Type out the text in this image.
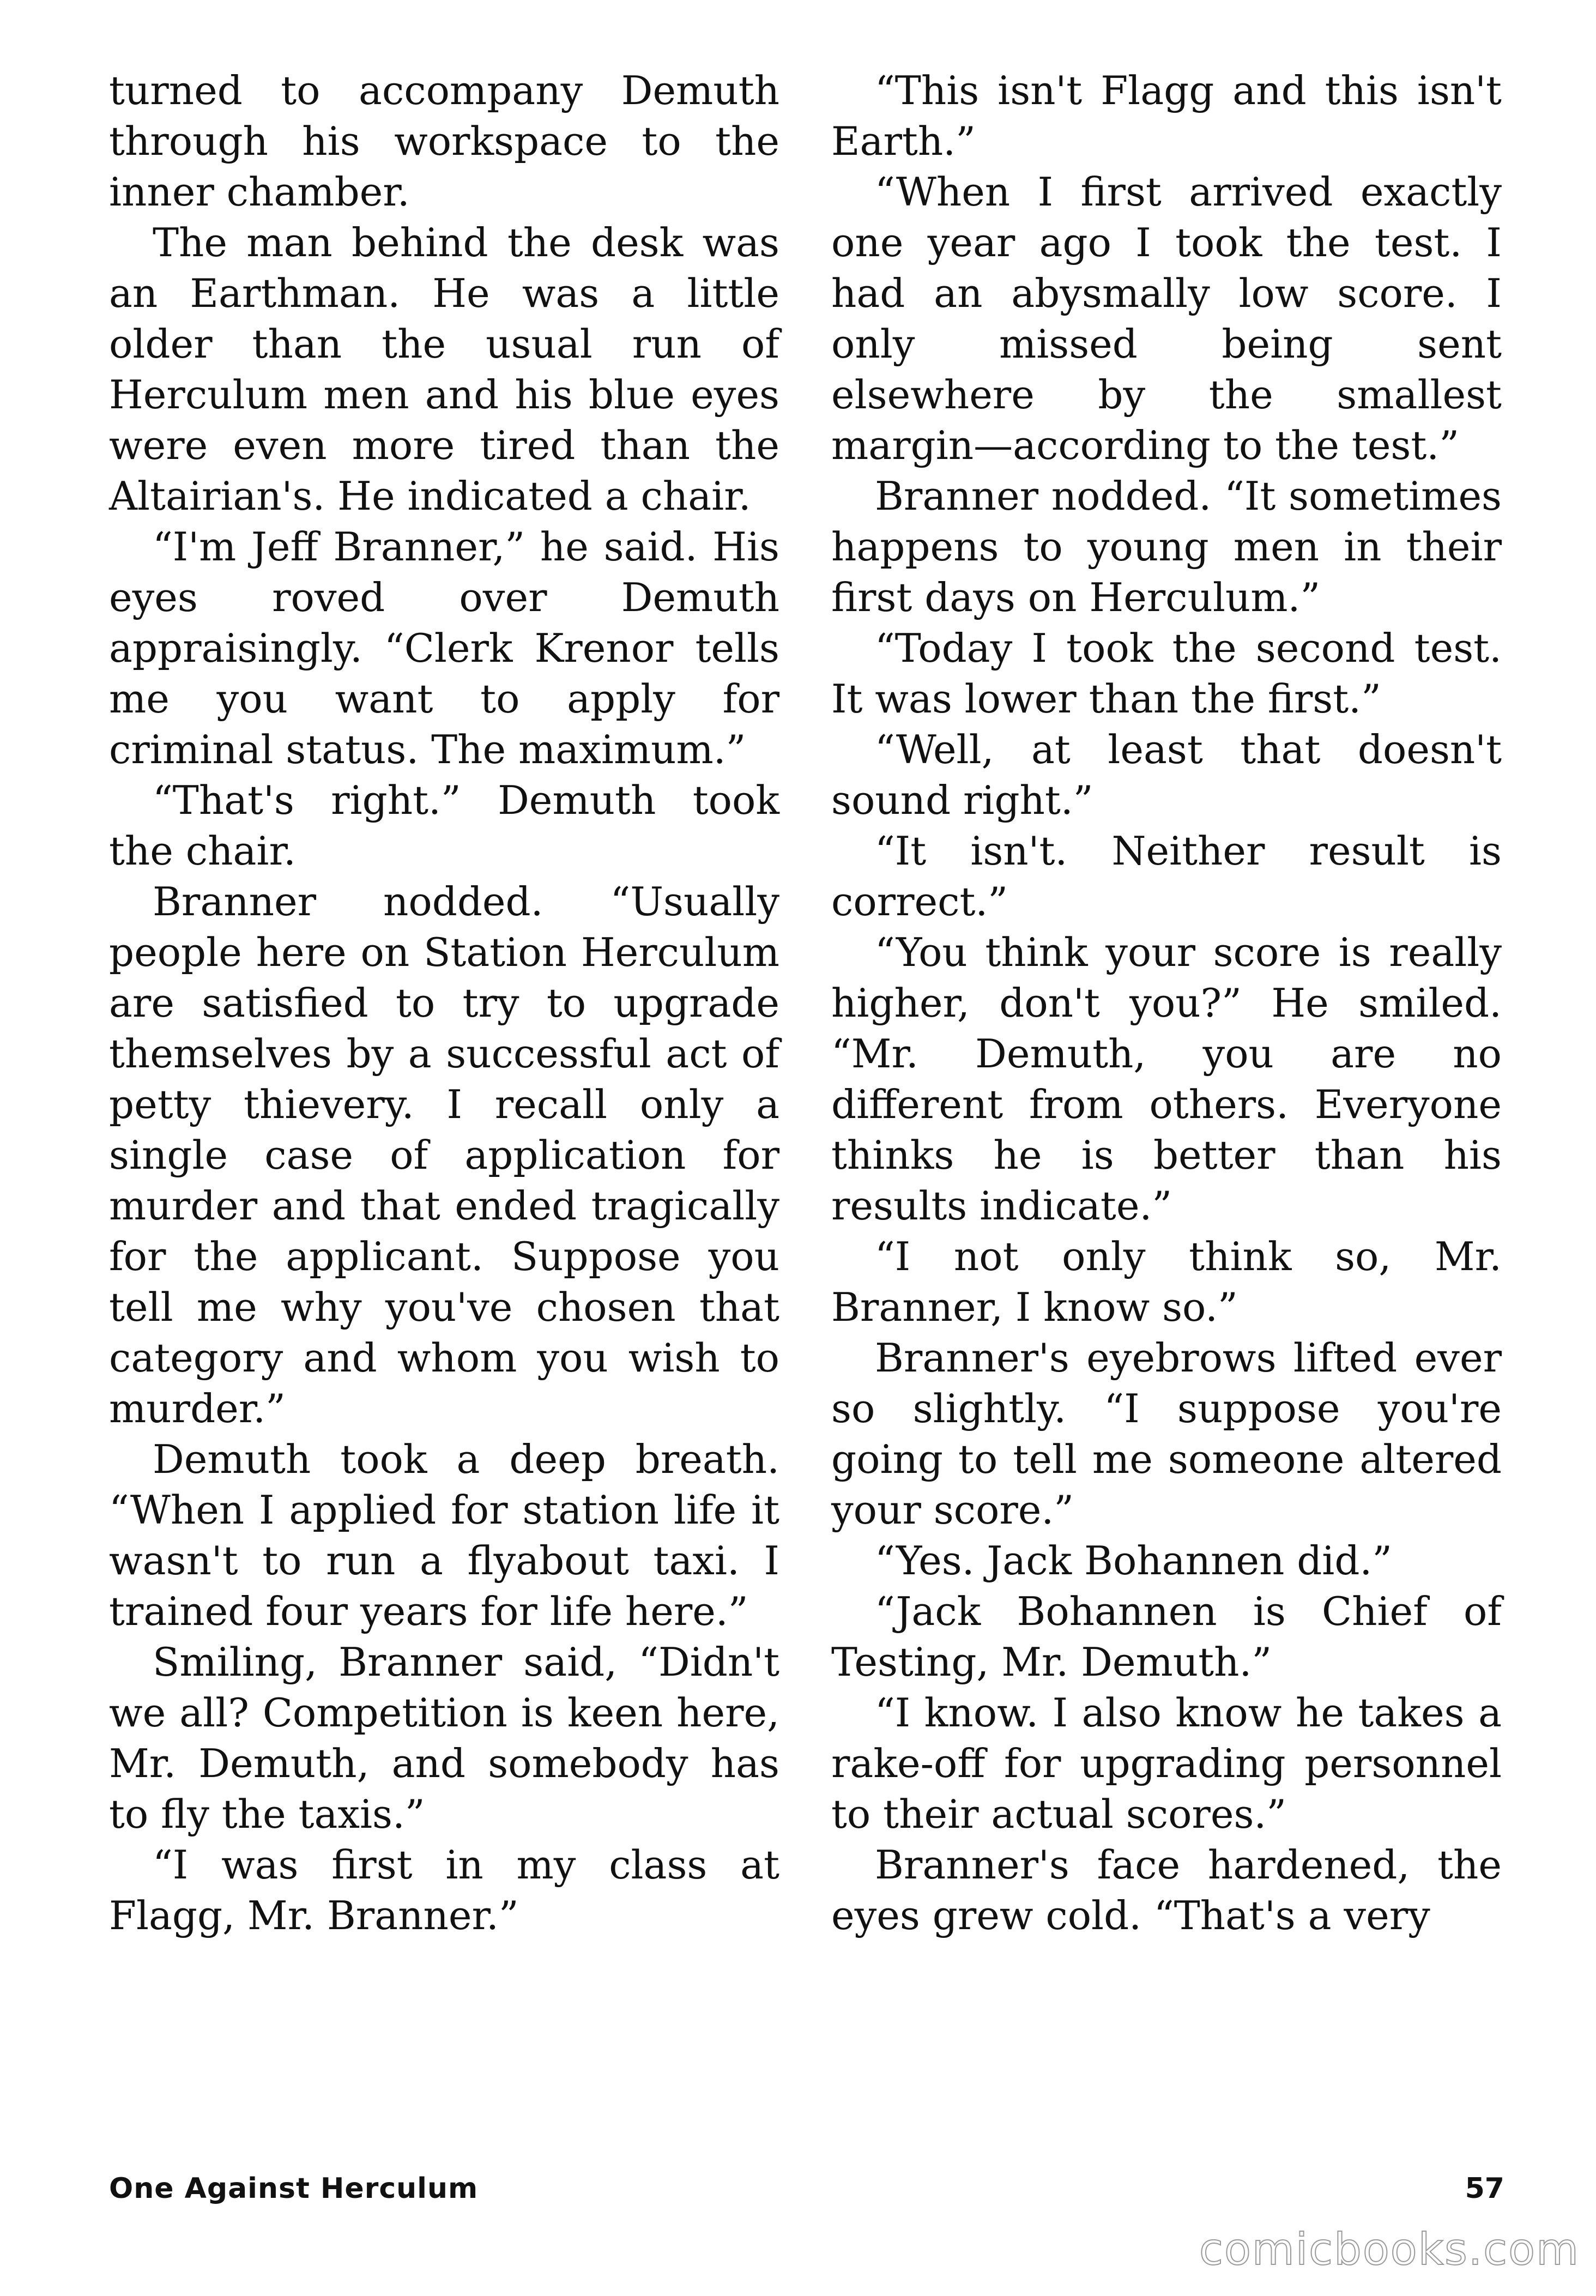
turned to accompany Demuth through his workspace to the inner chamber.

The man behind the desk was an Earthman. He was a little older than the usual run of Herculum men and his blue eyes were even more tired than the Altairian's. He indicated a chair.

“I'm Jeff Branner,” he said. His eyes roved over Demuth appraisingly. “Clerk Krenor tells me you want to apply for criminal status. The maximum.”

“That's right.” Demuth took the chair.

Branner nodded. “Usually people here on Station Herculum are satisfied to try to upgrade themselves by a successful act of petty thievery. I recall only a single case of application for murder and that ended tragically for the applicant. Suppose you tell me why you've chosen that category and whom you wish to murder.”

Demuth took a deep breath. “When I applied for station life it wasn't to run a flyabout taxi. I trained four years for life here.”

Smiling, Branner said, “Didn't we all? Competition is keen here, Mr. Demuth, and somebody has to fly the taxis.”

“I was first in my class at Flagg, Mr. Branner.”

“This isn't Flagg and this isn't Earth.”

“When I first arrived exactly one year ago I took the test. I had an abysmally low score. I only missed being sent elsewhere by the smallest margin—according to the test.”

Branner nodded. “It sometimes happens to young men in their first days on Herculum.”

“Today I took the second test. It was lower than the first.”

“Well, at least that doesn't sound right.”

“It isn't. Neither result is correct.”

“You think your score is really higher, don't you?” He smiled. “Mr. Demuth, you are no different from others. Everyone thinks he is better than his results indicate.”

“I not only think so, Mr. Branner, I know so.”

Branner's eyebrows lifted ever so slightly. “I suppose you're going to tell me someone altered your score.”

“Yes. Jack Bohannen did.”

“Jack Bohannen is Chief of Testing, Mr. Demuth.”

“I know. I also know he takes a rake-off for upgrading personnel to their actual scores.”

Branner's face hardened, the eyes grew cold. “That's a very

One Against Herculum	57
comicbooks.com
